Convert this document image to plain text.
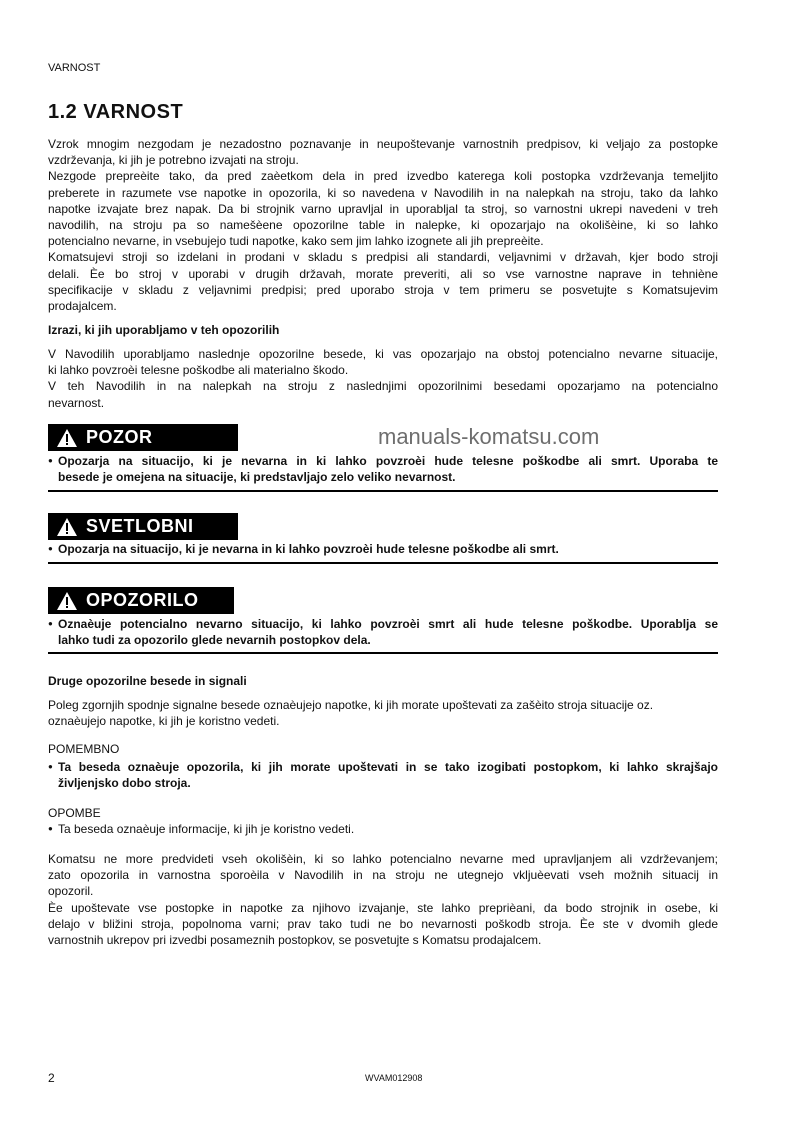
VARNOST
1.2 VARNOST
Vzrok mnogim nezgodam je nezadostno poznavanje in neupoštevanje varnostnih predpisov, ki veljajo za postopke
vzdrževanja, ki jih je potrebno izvajati na stroju.
Nezgode prepreèite tako, da pred zaèetkom dela in pred izvedbo katerega koli postopka vzdrževanja temeljito
preberete in razumete vse napotke in opozorila, ki so navedena v Navodilih in na nalepkah na stroju, tako da lahko
napotke izvajate brez napak. Da bi strojnik varno upravljal in uporabljal ta stroj, so varnostni ukrepi navedeni v treh
navodilih, na stroju pa so namešèene opozorilne table in nalepke, ki opozarjajo na okolišèine, ki so lahko
potencialno nevarne, in vsebujejo tudi napotke, kako sem jim lahko izognete ali jih prepreèite.
Komatsujevi stroji so izdelani in prodani v skladu s predpisi ali standardi, veljavnimi v državah, kjer bodo stroji
delali. Èe bo stroj v uporabi v drugih državah, morate preveriti, ali so vse varnostne naprave in tehniène
specifikacije v skladu z veljavnimi predpisi; pred uporabo stroja v tem primeru se posvetujte s Komatsujevim
prodajalcem.
Izrazi, ki jih uporabljamo v teh opozorilih
V Navodilih uporabljamo naslednje opozorilne besede, ki vas opozarjajo na obstoj potencialno nevarne situacije,
ki lahko povzroèi telesne poškodbe ali materialno škodo.
V teh Navodilih in na nalepkah na stroju z naslednjimi opozorilnimi besedami opozarjamo na potencialno
nevarnost.
POZOR
● Opozarja na situacijo, ki je nevarna in ki lahko povzroèi hude telesne poškodbe ali smrt. Uporaba te
besede je omejena na situacije, ki predstavljajo zelo veliko nevarnost.
SVETLOBNI
● Opozarja na situacijo, ki je nevarna in ki lahko povzroèi hude telesne poškodbe ali smrt.
OPOZORILO
● Oznaèuje potencialno nevarno situacijo, ki lahko povzroèi smrt ali hude telesne poškodbe. Uporablja se
lahko tudi za opozorilo glede nevarnih postopkov dela.
Druge opozorilne besede in signali
Poleg zgornjih spodnje signalne besede oznaèujejo napotke, ki jih morate upoštevati za zašèito stroja situacije oz.
oznaèujejo napotke, ki jih je koristno vedeti.
POMEMBNO
● Ta beseda oznaèuje opozorila, ki jih morate upoštevati in se tako izogibati postopkom, ki lahko skrajšajo
življenjsko dobo stroja.
OPOMBE
● Ta beseda oznaèuje informacije, ki jih je koristno vedeti.
Komatsu ne more predvideti vseh okolišèin, ki so lahko potencialno nevarne med upravljanjem ali vzdrževanjem;
zato opozorila in varnostna sporoèila v Navodilih in na stroju ne utegnejo vkljuèevati vseh možnih situacij in
opozoril.
Èe upoštevate vse postopke in napotke za njihovo izvajanje, ste lahko preprièani, da bodo strojnik in osebe, ki
delajo v bližini stroja, popolnoma varni; prav tako tudi ne bo nevarnosti poškodb stroja. Èe ste v dvomih glede
varnostnih ukrepov pri izvedbi posameznih postopkov, se posvetujte s Komatsu prodajalcem.
manuals-komatsu.com
2	WVAM012908
